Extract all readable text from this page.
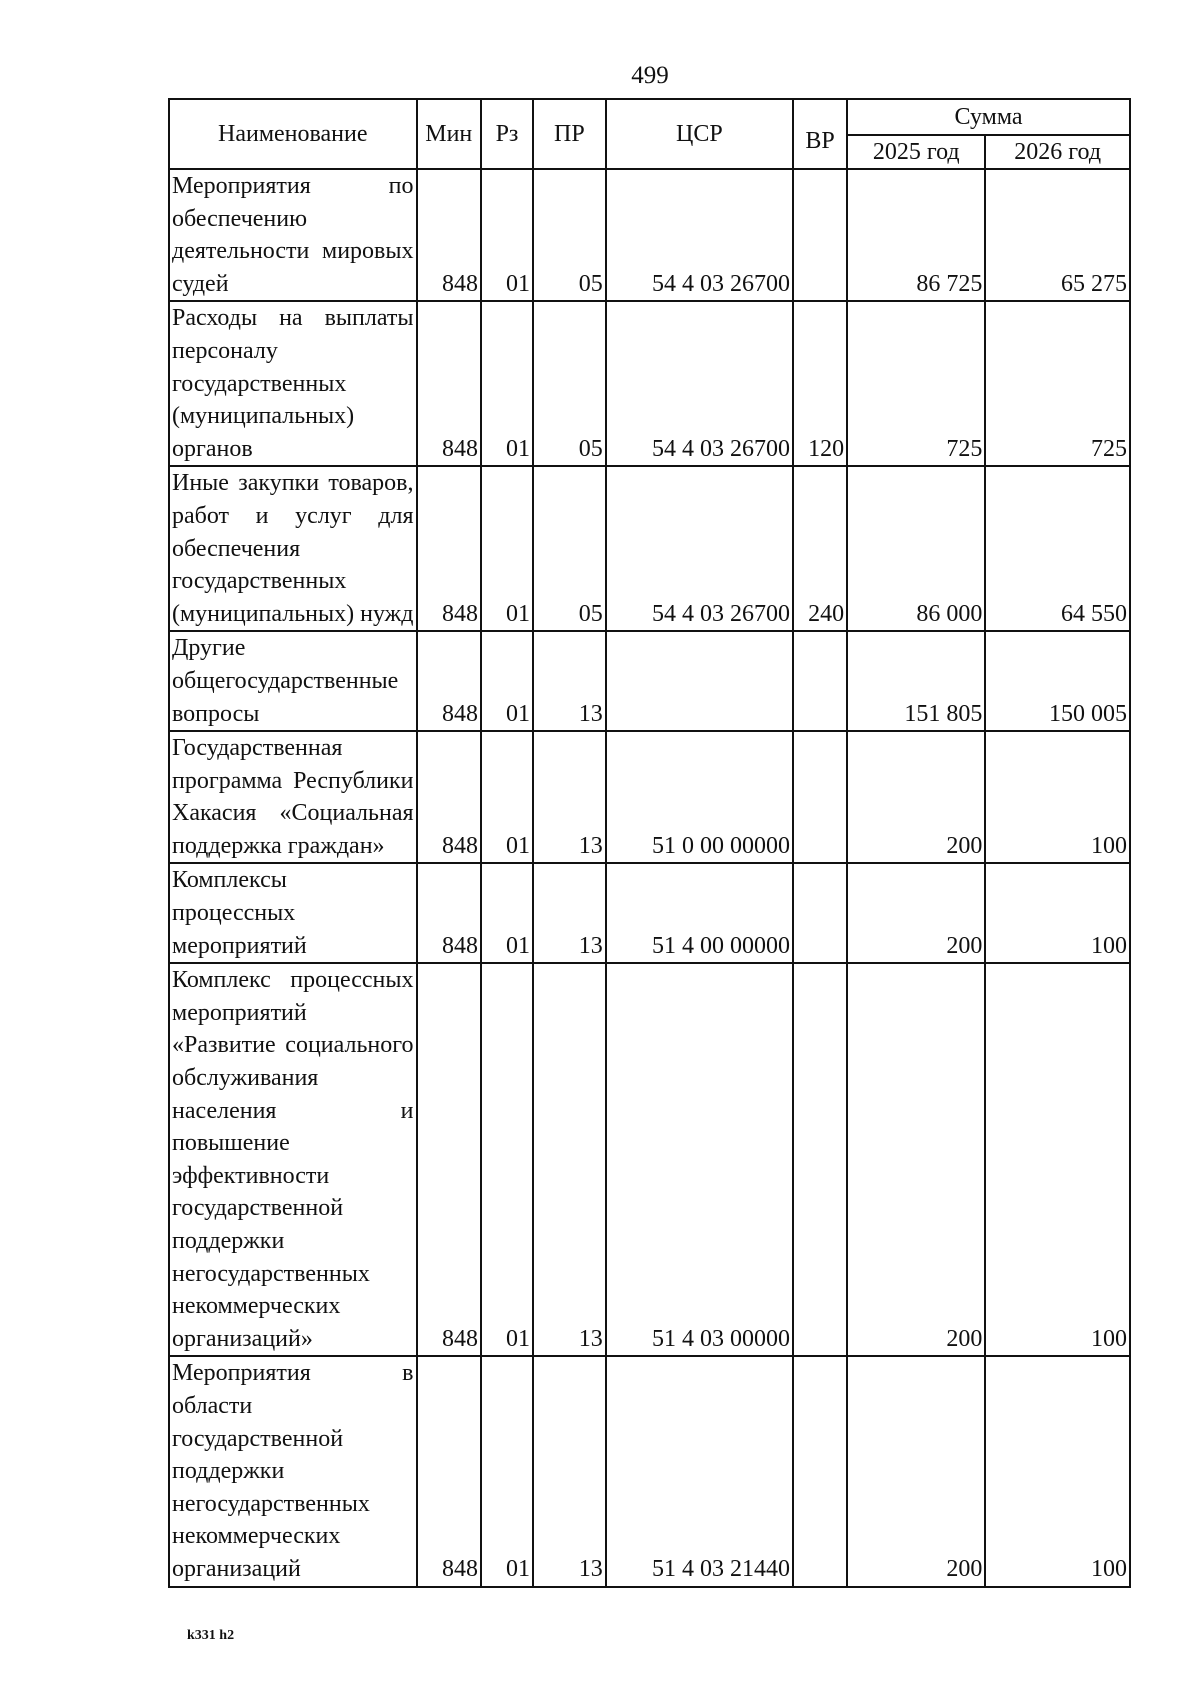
499
Наименование	Мин	Рз	ПР	ЦСР	ВР	Сумма	
						2025 год	2026 год
Мероприятия по обеспечению деятельности мировых судей	848	01	05	54 4 03 26700		86 725	65 275
Расходы на выплаты персоналу государственных (муниципальных) органов	848	01	05	54 4 03 26700	120	725	725
Иные закупки товаров, работ и услуг для обеспечения государственных (муниципальных) нужд	848	01	05	54 4 03 26700	240	86 000	64 550
Другие общегосударственные вопросы	848	01	13			151 805	150 005
Государственная программа Республики Хакасия «Социальная поддержка граждан»	848	01	13	51 0 00 00000		200	100
Комплексы процессных мероприятий	848	01	13	51 4 00 00000		200	100
Комплекс процессных мероприятий «Развитие социального обслуживания населения и повышение эффективности государственной поддержки негосударственных некоммерческих организаций»	848	01	13	51 4 03 00000		200	100
Мероприятия в области государственной поддержки негосударственных некоммерческих организаций	848	01	13	51 4 03 21440		200	100
k331 h2
